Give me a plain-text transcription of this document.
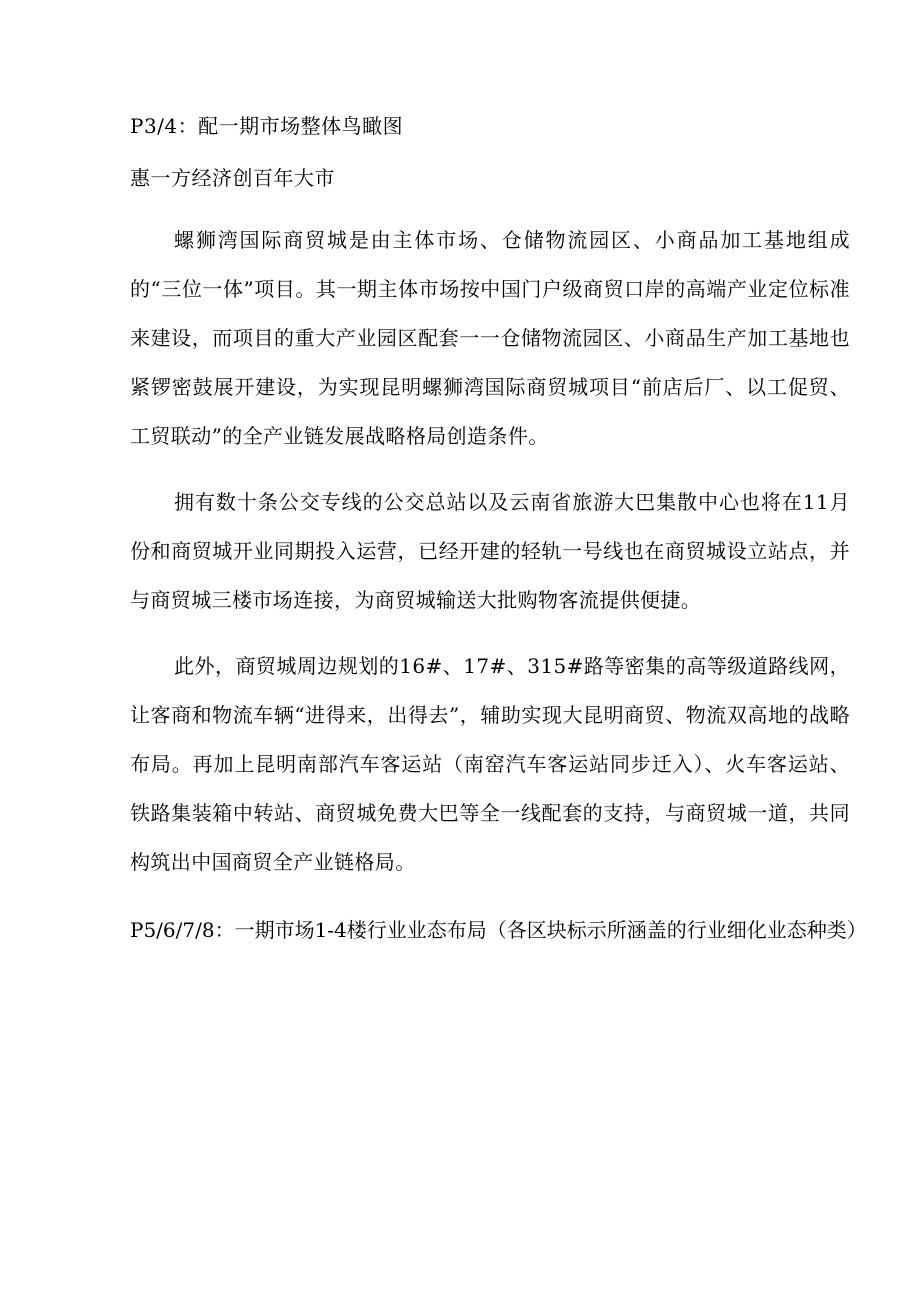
P3/4：配一期市场整体鸟瞰图
惠一方经济创百年大市

螺狮湾国际商贸城是由主体市场、仓储物流园区、小商品加工基地组成的“三位一体”项目。其一期主体市场按中国门户级商贸口岸的高端产业定位标准来建设，而项目的重大产业园区配套一一仓储物流园区、小商品生产加工基地也紧锣密鼓展开建设，为实现昆明螺狮湾国际商贸城项目“前店后厂、以工促贸、工贸联动”的全产业链发展战略格局创造条件。

拥有数十条公交专线的公交总站以及云南省旅游大巴集散中心也将在11月份和商贸城开业同期投入运营，已经开建的轻轨一号线也在商贸城设立站点，并与商贸城三楼市场连接，为商贸城输送大批购物客流提供便捷。

此外，商贸城周边规划的16#、17#、315#路等密集的高等级道路线网，让客商和物流车辆“进得来，出得去”，辅助实现大昆明商贸、物流双高地的战略布局。再加上昆明南部汽车客运站（南窑汽车客运站同步迁入）、火车客运站、铁路集装箱中转站、商贸城免费大巴等全一线配套的支持，与商贸城一道，共同构筑出中国商贸全产业链格局。

P5/6/7/8：一期市场1-4楼行业业态布局（各区块标示所涵盖的行业细化业态种类）
